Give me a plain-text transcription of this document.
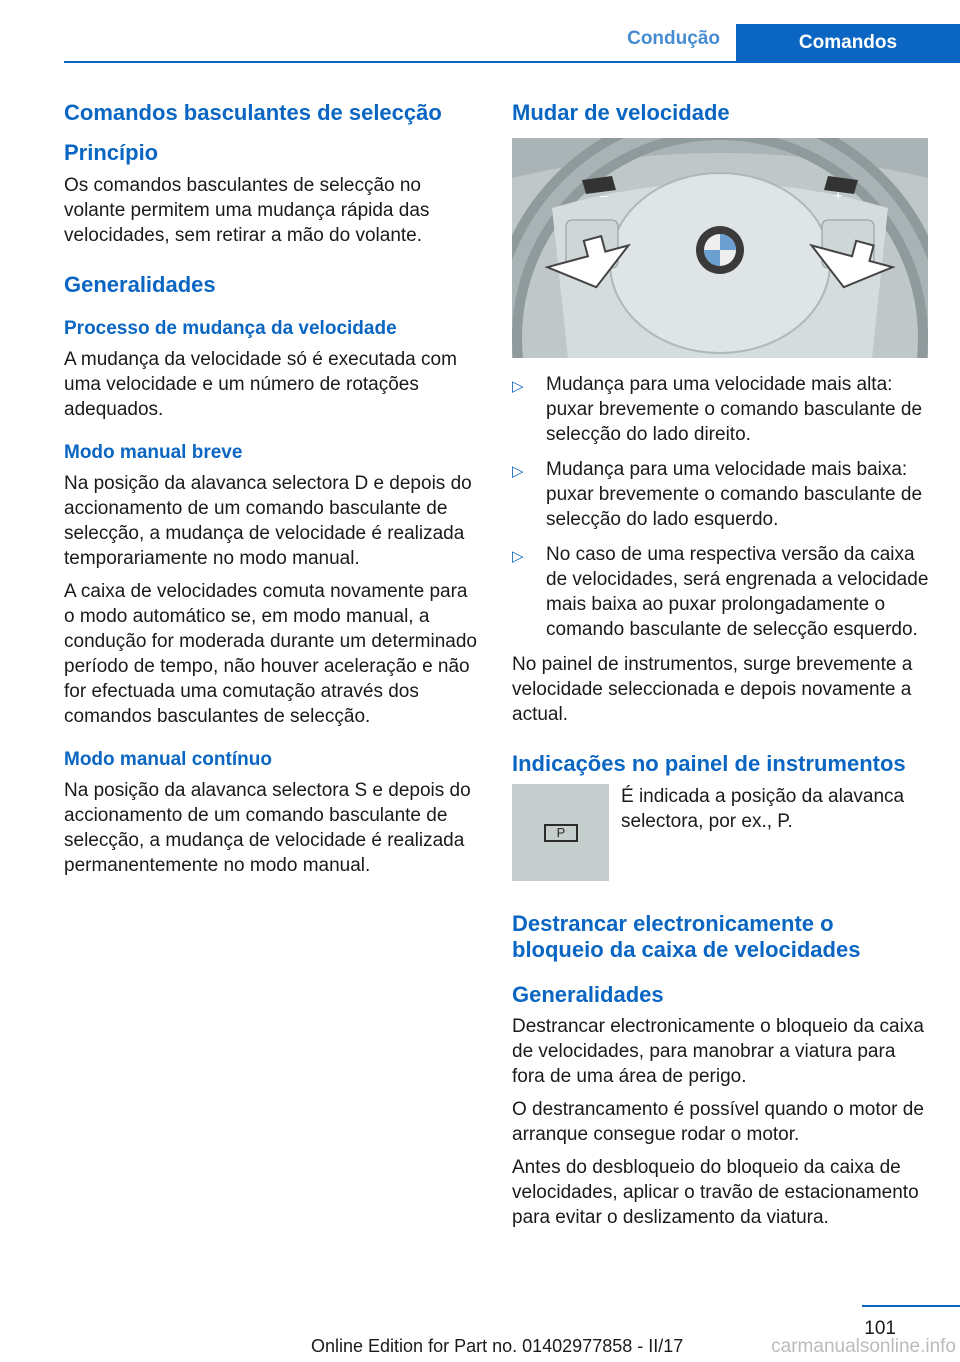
Condução	Comandos
Comandos basculantes de selecção
Princípio

Os comandos basculantes de selecção no volante permitem uma mudança rápida das velocidades, sem retirar a mão do volante.

Generalidades
Processo de mudança da velocidade

A mudança da velocidade só é executada com uma velocidade e um número de rotações adequados.

Modo manual breve

Na posição da alavanca selectora D e depois do accionamento de um comando basculante de selecção, a mudança de velocidade é realizada temporariamente no modo manual.

A caixa de velocidades comuta novamente para o modo automático se, em modo manual, a condução for moderada durante um determinado período de tempo, não houver aceleração e não for efectuada uma comutação através dos comandos basculantes de selecção.

Modo manual contínuo

Na posição da alavanca selectora S e depois do accionamento de um comando basculante de selecção, a mudança de velocidade é realizada permanentemente no modo manual.

Mudar de velocidade
–	+
▷ Mudança para uma velocidade mais alta: puxar brevemente o comando basculante de selecção do lado direito.
▷ Mudança para uma velocidade mais baixa: puxar brevemente o comando basculante de selecção do lado esquerdo.
▷ No caso de uma respectiva versão da caixa de velocidades, será engrenada a velocidade mais baixa ao puxar prolongadamente o comando basculante de selecção esquerdo.

No painel de instrumentos, surge brevemente a velocidade seleccionada e depois novamente a actual.

Indicações no painel de instrumentos
P
É indicada a posição da alavanca selectora, por ex., P.
Destrancar electronicamente o bloqueio da caixa de velocidades
Generalidades

Destrancar electronicamente o bloqueio da caixa de velocidades, para manobrar a viatura para fora de uma área de perigo.

O destrancamento é possível quando o motor de arranque consegue rodar o motor.

Antes do desbloqueio do bloqueio da caixa de velocidades, aplicar o travão de estacionamento para evitar o deslizamento da viatura.

101
Online Edition for Part no. 01402977858 - II/17	carmanualsonline.info
